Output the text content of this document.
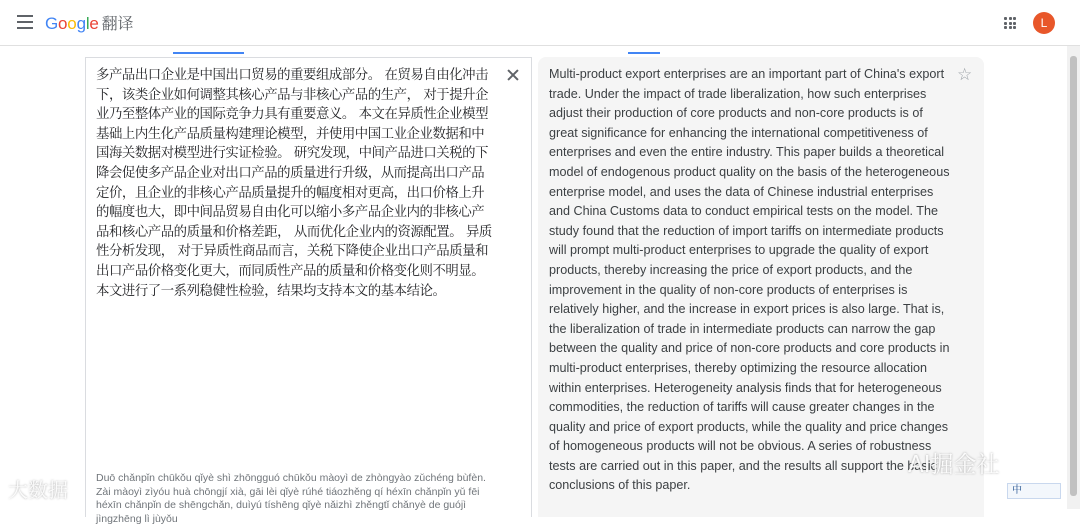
Google 翻译	L
多产品出口企业是中国出口贸易的重要组成部分。 在贸易自由化冲击下，该类企业如何调整其核心产品与非核心产品的生产， 对于提升企业乃至整体产业的国际竞争力具有重要意义。 本文在异质性企业模型基础上内生化产品质量构建理论模型，并使用中国工业企业数据和中国海关数据对模型进行实证检验。 研究发现，中间产品进口关税的下降会促使多产品企业对出口产品的质量进行升级，从而提高出口产品定价，且企业的非核心产品质量提升的幅度相对更高，出口价格上升的幅度也大，即中间品贸易自由化可以缩小多产品企业内的非核心产品和核心产品的质量和价格差距， 从而优化企业内的资源配置。 异质性分析发现， 对于异质性商品而言，关税下降使企业出口产品质量和出口产品价格变化更大，而同质性产品的质量和价格变化则不明显。 本文进行了一系列稳健性检验，结果均支持本文的基本结论。
Duō chǎnpǐn chūkǒu qǐyè shì zhōngguó chūkǒu màoyì de zhòngyào zǔchéng bùfèn. Zài màoyì zìyóu huà chōngjí xià, gāi lèi qǐyè rúhé tiáozhěng qí héxīn chǎnpǐn yǔ fēi héxīn chǎnpǐn de shēngchǎn, duìyú tíshēng qǐyè nǎizhì zhěngtǐ chǎnyè de guójì jìngzhēng lì jùyǒu
Multi-product export enterprises are an important part of China's export trade. Under the impact of trade liberalization, how such enterprises adjust their production of core products and non-core products is of great significance for enhancing the international competitiveness of enterprises and even the entire industry. This paper builds a theoretical model of endogenous product quality on the basis of the heterogeneous enterprise model, and uses the data of Chinese industrial enterprises and China Customs data to conduct empirical tests on the model. The study found that the reduction of import tariffs on intermediate products will prompt multi-product enterprises to upgrade the quality of export products, thereby increasing the price of export products, and the improvement in the quality of non-core products of enterprises is relatively higher, and the increase in export prices is also large. That is, the liberalization of trade in intermediate products can narrow the gap between the quality and price of non-core products and core products in multi-product enterprises, thereby optimizing the resource allocation within enterprises. Heterogeneity analysis finds that for heterogeneous commodities, the reduction of tariffs will cause greater changes in the quality and price of export products, while the quality and price changes of homogeneous products will not be obvious. A series of robustness tests are carried out in this paper, and the results all support the basic conclusions of this paper.
☆
大数据
AI掘金社
中
